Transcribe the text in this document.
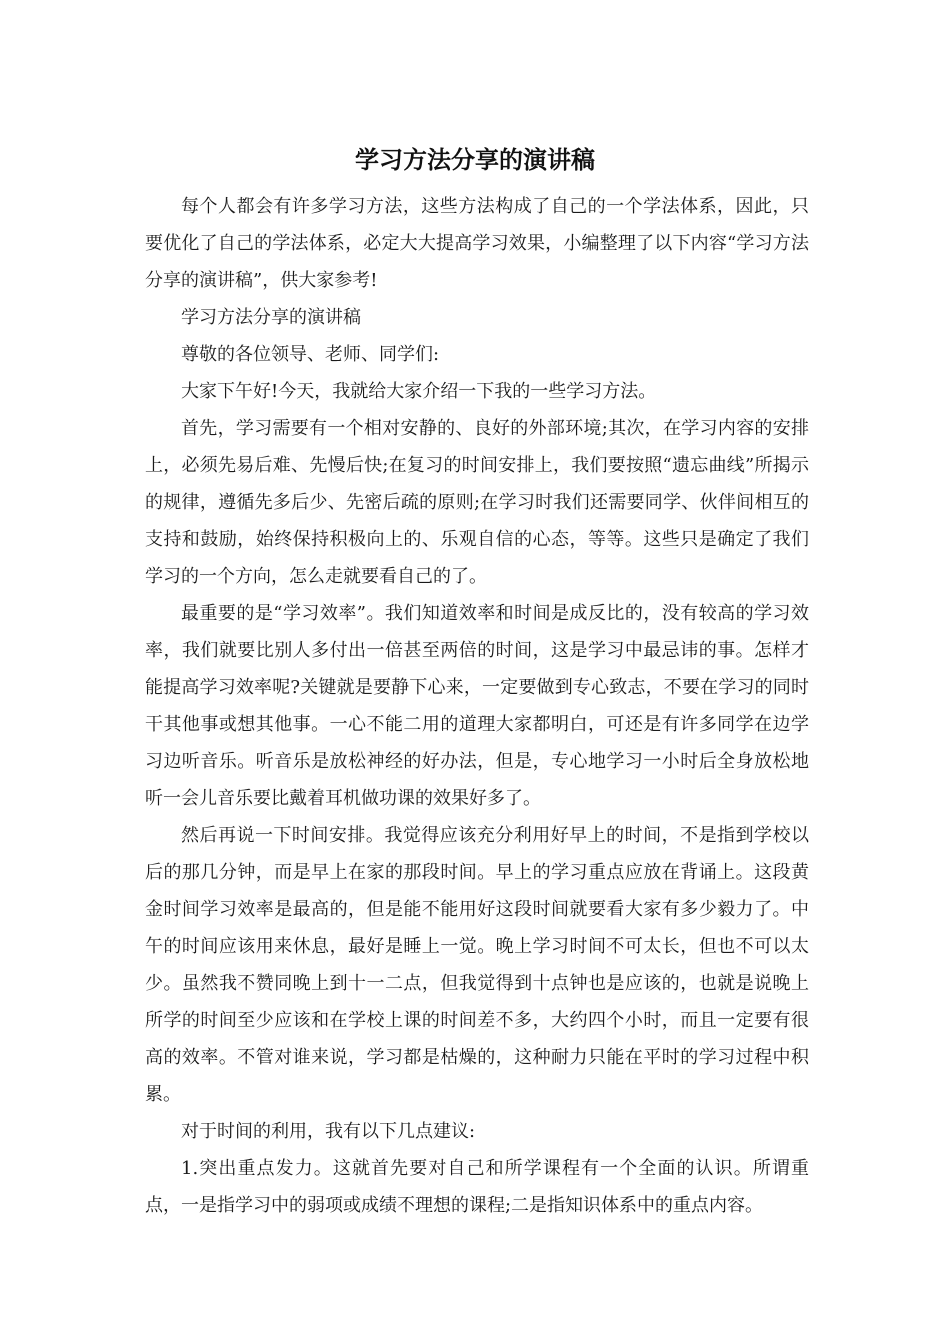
学习方法分享的演讲稿

每个人都会有许多学习方法，这些方法构成了自己的一个学法体系，因此，只要优化了自己的学法体系，必定大大提高学习效果，小编整理了以下内容“学习方法分享的演讲稿”，供大家参考!

学习方法分享的演讲稿

尊敬的各位领导、老师、同学们:

大家下午好!今天，我就给大家介绍一下我的一些学习方法。

首先，学习需要有一个相对安静的、良好的外部环境;其次，在学习内容的安排上，必须先易后难、先慢后快;在复习的时间安排上，我们要按照“遗忘曲线”所揭示的规律，遵循先多后少、先密后疏的原则;在学习时我们还需要同学、伙伴间相互的支持和鼓励，始终保持积极向上的、乐观自信的心态，等等。这些只是确定了我们学习的一个方向，怎么走就要看自己的了。

最重要的是“学习效率”。我们知道效率和时间是成反比的，没有较高的学习效率，我们就要比别人多付出一倍甚至两倍的时间，这是学习中最忌讳的事。怎样才能提高学习效率呢?关键就是要静下心来，一定要做到专心致志，不要在学习的同时干其他事或想其他事。一心不能二用的道理大家都明白，可还是有许多同学在边学习边听音乐。听音乐是放松神经的好办法，但是，专心地学习一小时后全身放松地听一会儿音乐要比戴着耳机做功课的效果好多了。

然后再说一下时间安排。我觉得应该充分利用好早上的时间，不是指到学校以后的那几分钟，而是早上在家的那段时间。早上的学习重点应放在背诵上。这段黄金时间学习效率是最高的，但是能不能用好这段时间就要看大家有多少毅力了。中午的时间应该用来休息，最好是睡上一觉。晚上学习时间不可太长，但也不可以太少。虽然我不赞同晚上到十一二点，但我觉得到十点钟也是应该的，也就是说晚上所学的时间至少应该和在学校上课的时间差不多，大约四个小时，而且一定要有很高的效率。不管对谁来说，学习都是枯燥的，这种耐力只能在平时的学习过程中积累。

对于时间的利用，我有以下几点建议:

1.突出重点发力。这就首先要对自己和所学课程有一个全面的认识。所谓重点，一是指学习中的弱项或成绩不理想的课程;二是指知识体系中的重点内容。
